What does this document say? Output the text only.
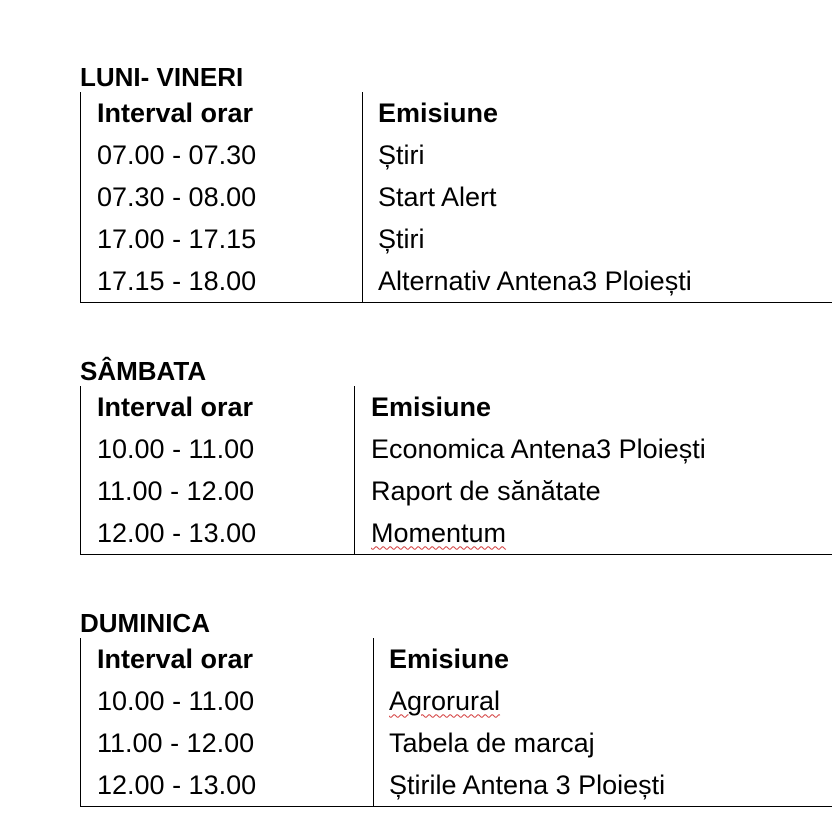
LUNI- VINERI
Interval orar	Emisiune
07.00 - 07.30	Știri
07.30 - 08.00	Start Alert
17.00 - 17.15	Știri
17.15 - 18.00	Alternativ Antena3 Ploiești
SÂMBATA
Interval orar	Emisiune
10.00 - 11.00	Economica Antena3 Ploiești
11.00 - 12.00	Raport de sănătate
12.00 - 13.00	Momentum
DUMINICA
Interval orar	Emisiune
10.00 - 11.00	Agrorural
11.00 - 12.00	Tabela de marcaj
12.00 - 13.00	Știrile Antena 3 Ploiești
